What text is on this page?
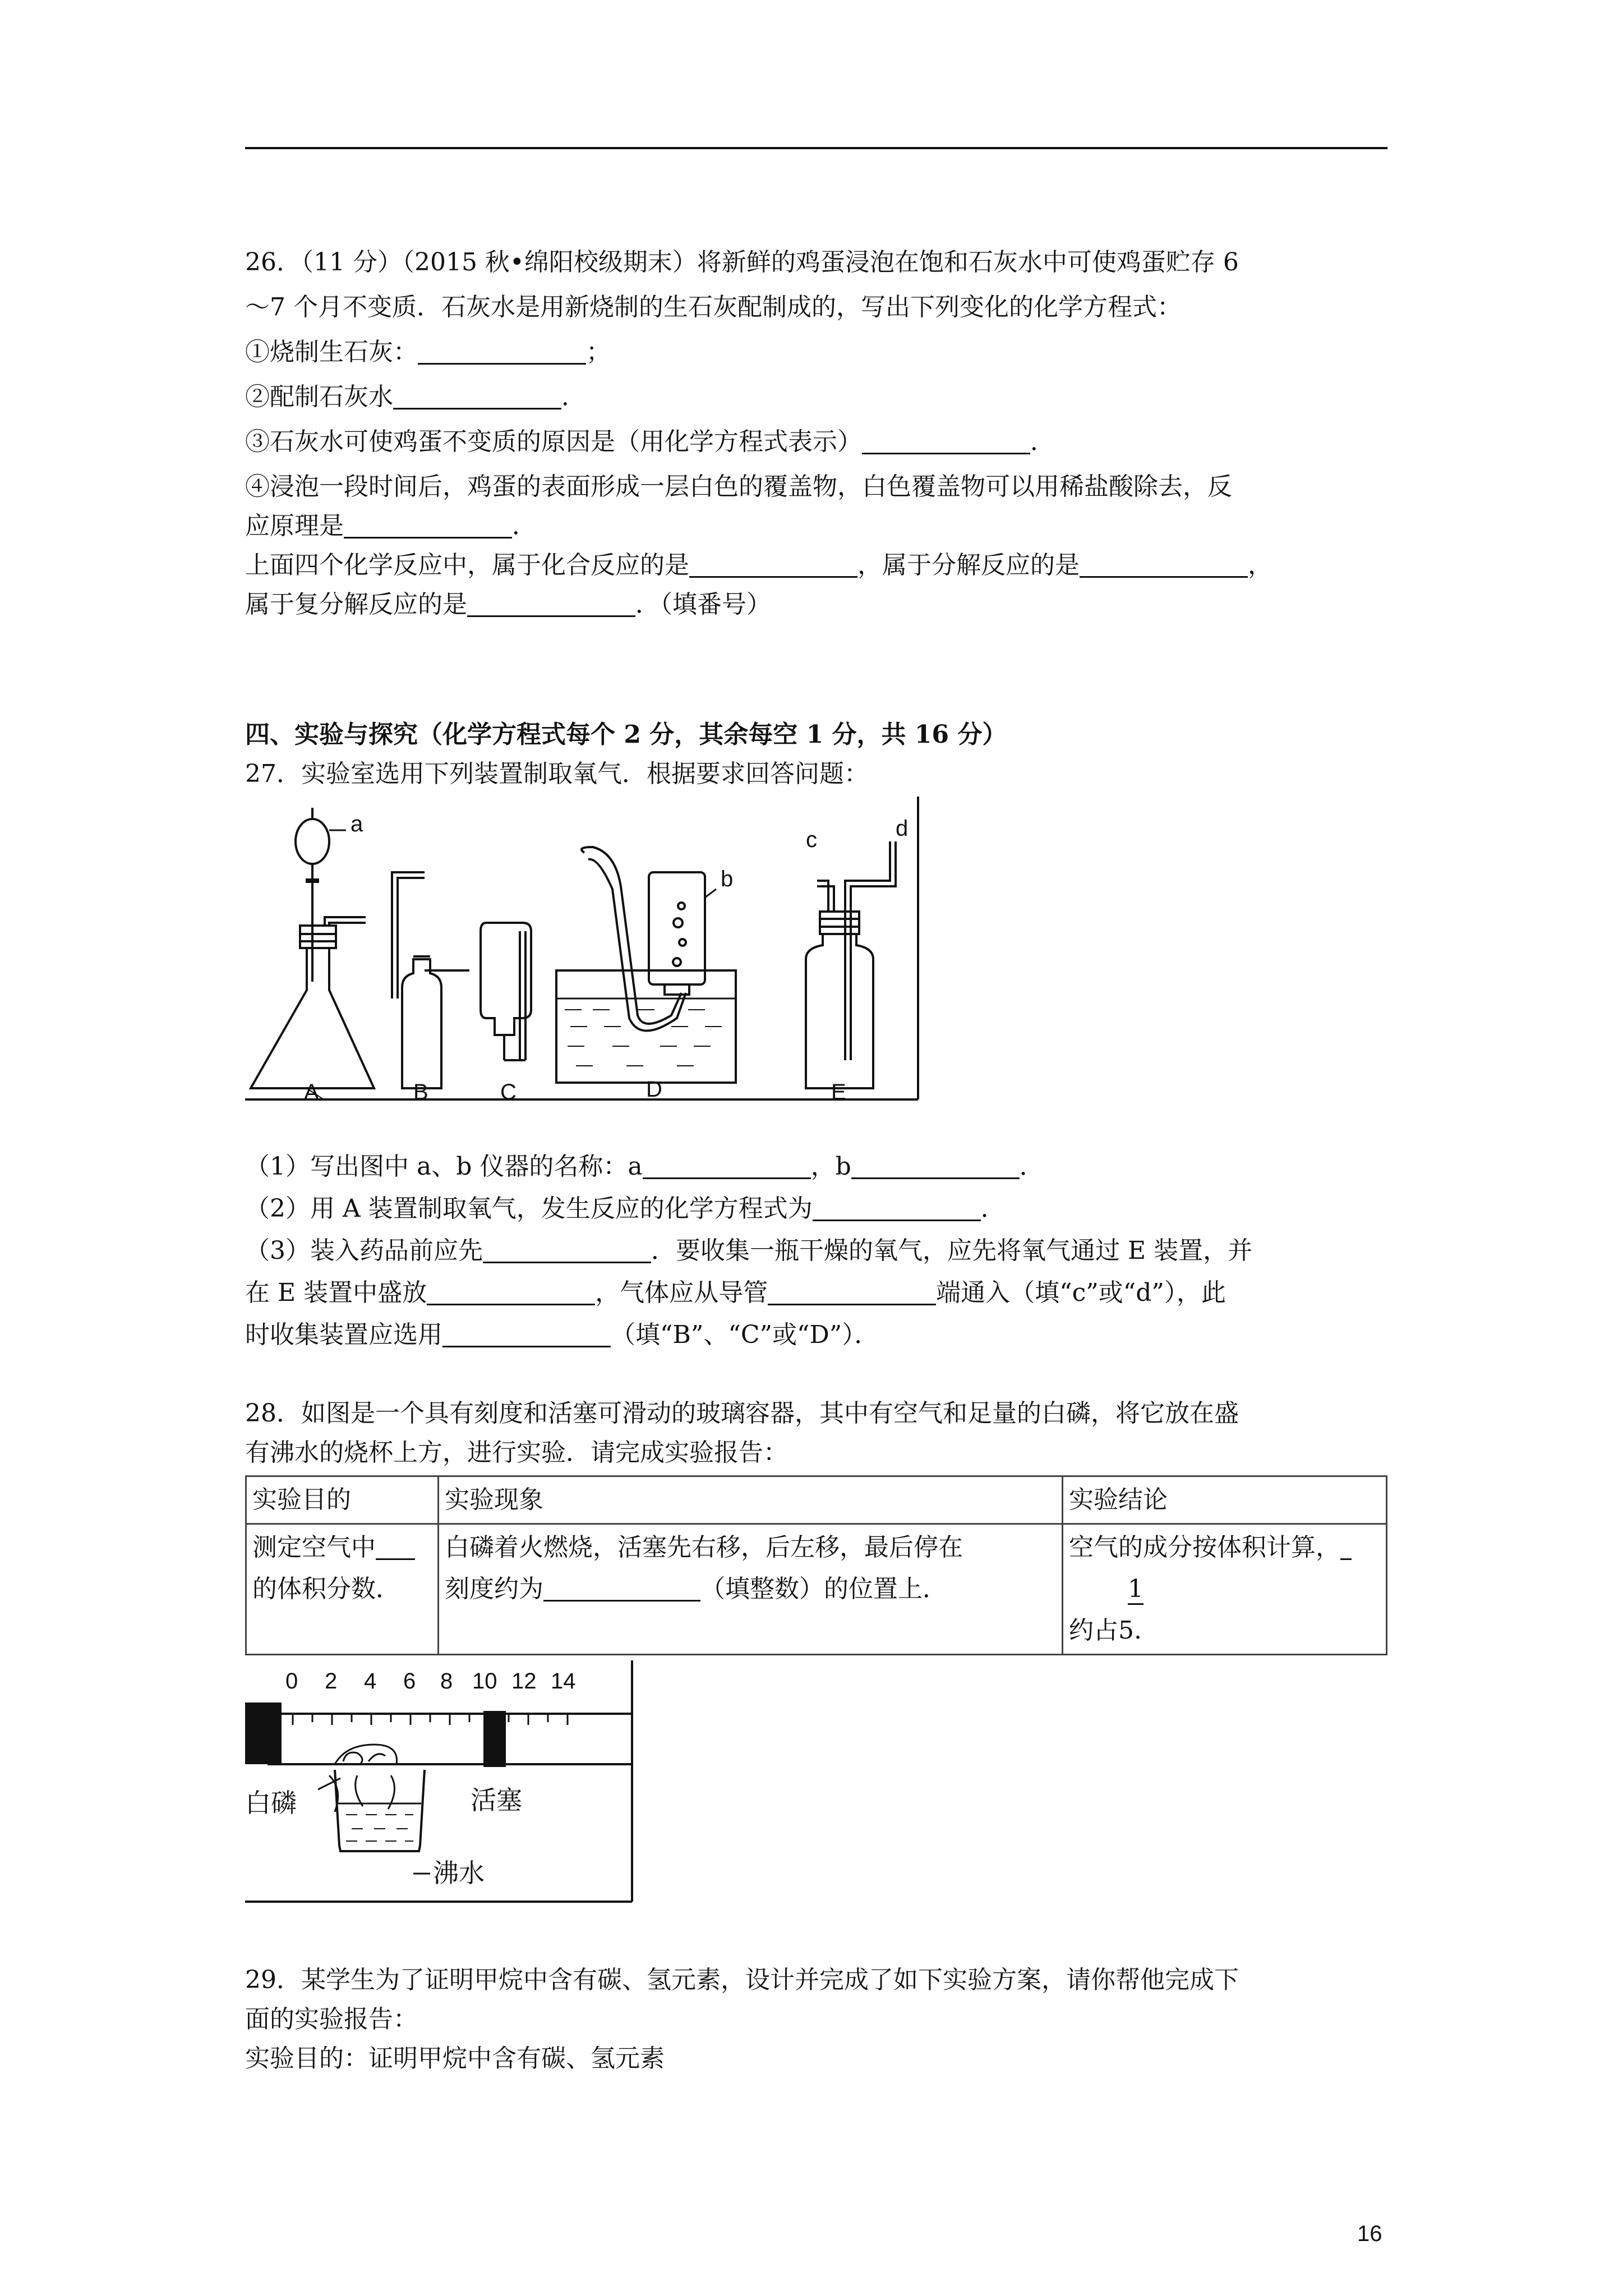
26．（11 分）（2015 秋•绵阳校级期末）将新鲜的鸡蛋浸泡在饱和石灰水中可使鸡蛋贮存 6
～7 个月不变质．石灰水是用新烧制的生石灰配制成的，写出下列变化的化学方程式：
①烧制生石灰：	；
②配制石灰水	．
③石灰水可使鸡蛋不变质的原因是（用化学方程式表示）	．
④浸泡一段时间后，鸡蛋的表面形成一层白色的覆盖物，白色覆盖物可以用稀盐酸除去，反
应原理是	．
上面四个化学反应中，属于化合反应的是	，属于分解反应的是	，
属于复分解反应的是	．（填番号）
四、实验与探究（化学方程式每个 2 分，其余每空 1 分，共 16 分）
27．实验室选用下列装置制取氧气．根据要求回答问题：
a
b
c	d
A	B	C	D	E
（1）写出图中 a、b 仪器的名称：a	，b	．
（2）用 A 装置制取氧气，发生反应的化学方程式为	．
（3）装入药品前应先	．要收集一瓶干燥的氧气，应先将氧气通过 E 装置，并
在 E 装置中盛放	，气体应从导管	端通入（填“c”或“d”），此
时收集装置应选用	（填“B”、“C”或“D”）．
28．如图是一个具有刻度和活塞可滑动的玻璃容器，其中有空气和足量的白磷，将它放在盛
有沸水的烧杯上方，进行实验．请完成实验报告：
实验目的	实验现象	实验结论
测定空气中
的体积分数．	白磷着火燃烧，活塞先右移，后左移，最后停在
刻度约为 （填整数）的位置上．	空气的成分按体积计算，
1
约占5.
0 2 4 6 8 10 12 14
白磷	活塞
沸水
29．某学生为了证明甲烷中含有碳、氢元素，设计并完成了如下实验方案，请你帮他完成下
面的实验报告：
实验目的：证明甲烷中含有碳、氢元素
16
